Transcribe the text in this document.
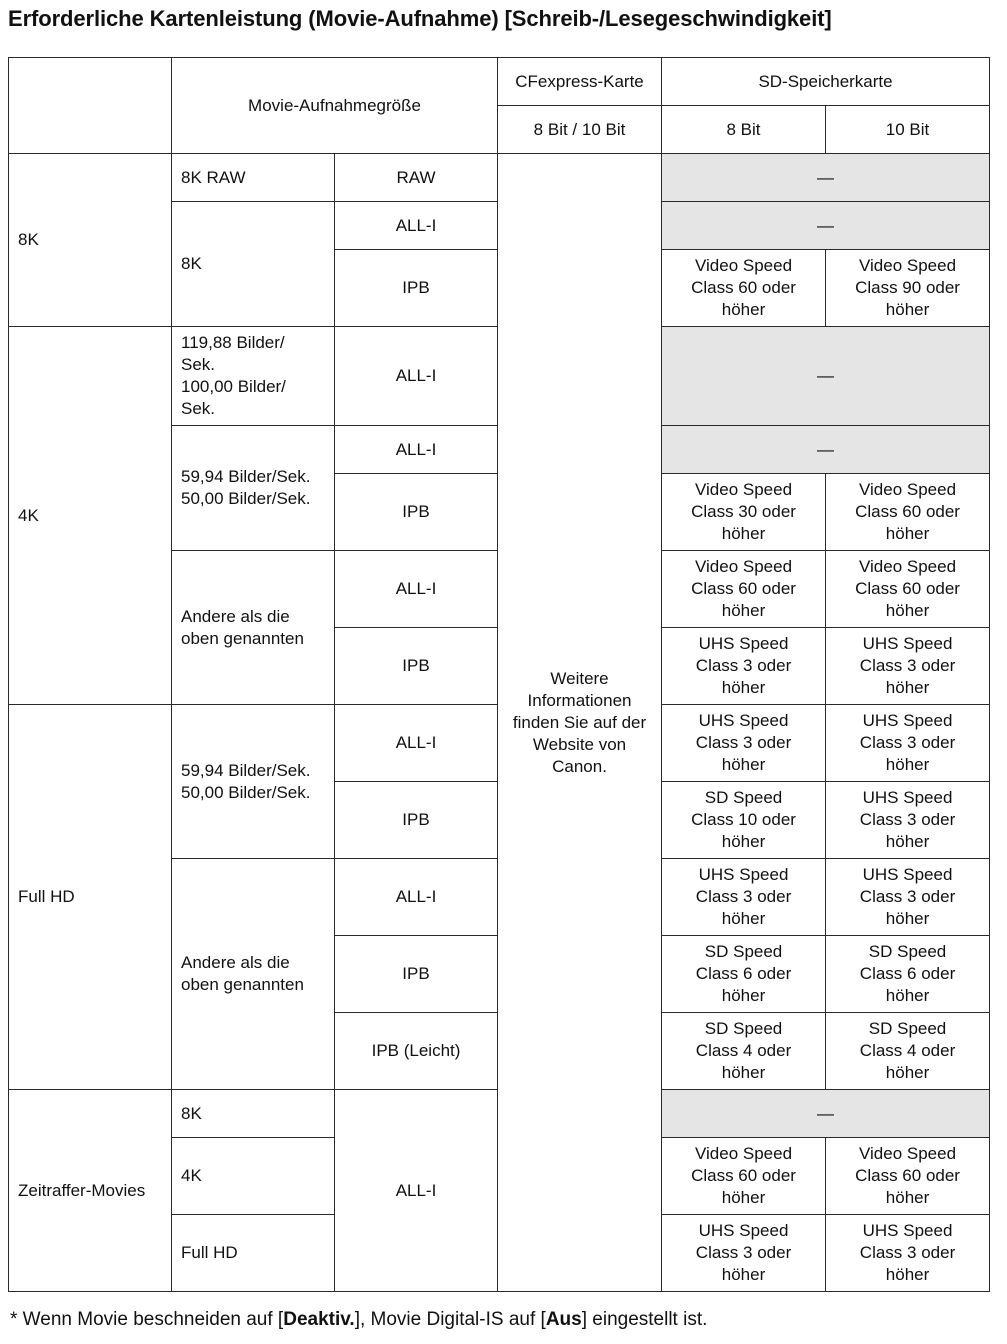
Erforderliche Kartenleistung (Movie-Aufnahme) [Schreib-/Lesegeschwindigkeit]
	Movie-Aufnahmegröße		CFexpress-Karte	SD-Speicherkarte	
			8 Bit / 10 Bit	8 Bit	10 Bit
8K	8K RAW	RAW	Weitere
Informationen
finden Sie auf der
Website von
Canon.	—	
	8K	ALL-I		—	
		IPB		Video Speed
Class 60 oder
höher	Video Speed
Class 90 oder
höher
4K	119,88 Bilder/
Sek.
100,00 Bilder/
Sek.	ALL-I		—	
	59,94 Bilder/Sek.
50,00 Bilder/Sek.	ALL-I		—	
		IPB		Video Speed
Class 30 oder
höher	Video Speed
Class 60 oder
höher
	Andere als die
oben genannten	ALL-I		Video Speed
Class 60 oder
höher	Video Speed
Class 60 oder
höher
		IPB		UHS Speed
Class 3 oder
höher	UHS Speed
Class 3 oder
höher

Full HD	59,94 Bilder/Sek.
50,00 Bilder/Sek.	ALL-I		UHS Speed
Class 3 oder
höher	UHS Speed
Class 3 oder
höher
		IPB		SD Speed
Class 10 oder
höher	UHS Speed
Class 3 oder
höher
	Andere als die
oben genannten	ALL-I		UHS Speed
Class 3 oder
höher	UHS Speed
Class 3 oder
höher
		IPB		SD Speed
Class 6 oder
höher	SD Speed
Class 6 oder
höher
		IPB (Leicht)		SD Speed
Class 4 oder
höher	SD Speed
Class 4 oder
höher
Zeitraffer-Movies	8K	ALL-I		—	
	4K			Video Speed
Class 60 oder
höher	Video Speed
Class 60 oder
höher
	Full HD			UHS Speed
Class 3 oder
höher	UHS Speed
Class 3 oder
höher

* Wenn Movie beschneiden auf [Deaktiv.], Movie Digital-IS auf [Aus] eingestellt ist.
